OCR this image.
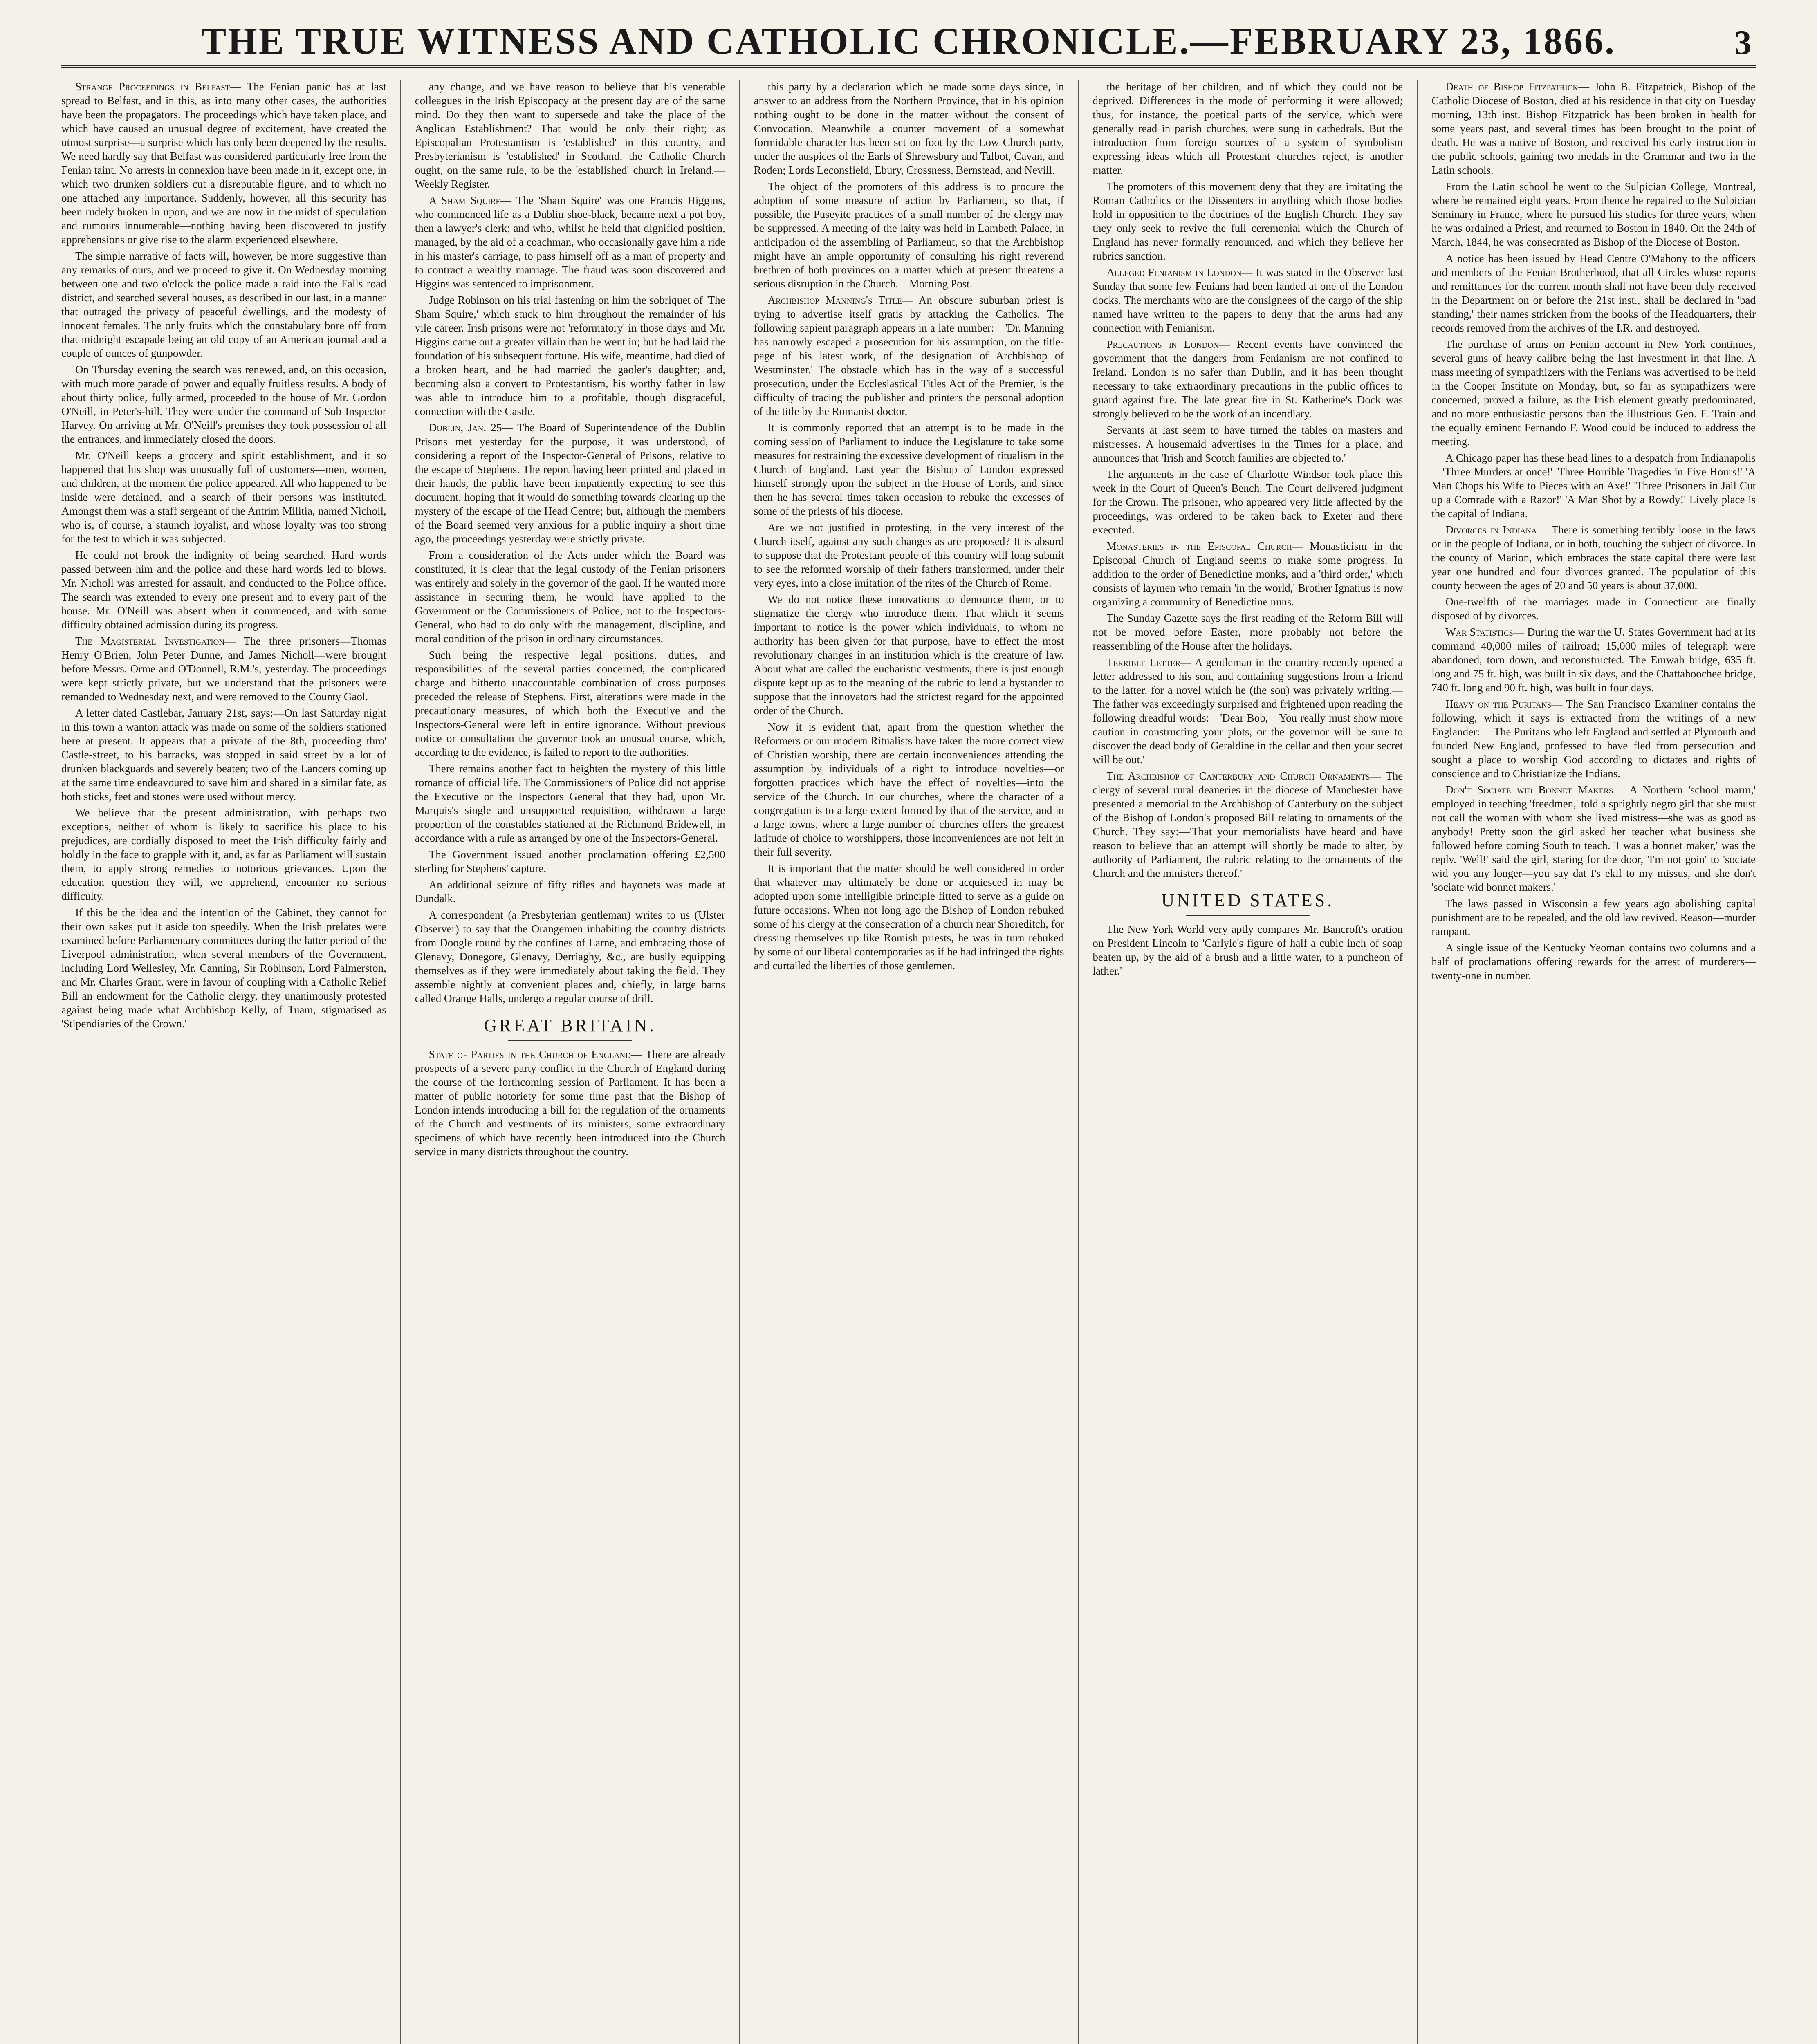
THE TRUE WITNESS AND CATHOLIC CHRONICLE.—FEBRUARY 23, 1866.	3

Strange Proceedings in Belfast— The Fenian panic has at last spread to Belfast, and in this, as into many other cases, the authorities have been the propagators. The proceedings which have taken place, and which have caused an unusual degree of excitement, have created the utmost surprise—a surprise which has only been deepened by the results. We need hardly say that Belfast was considered particularly free from the Fenian taint. No arrests in connexion have been made in it, except one, in which two drunken soldiers cut a disreputable figure, and to which no one attached any importance. Suddenly, however, all this security has been rudely broken in upon, and we are now in the midst of speculation and rumours innumerable—nothing having been discovered to justify apprehensions or give rise to the alarm experienced elsewhere.

The simple narrative of facts will, however, be more suggestive than any remarks of ours, and we proceed to give it. On Wednesday morning between one and two o'clock the police made a raid into the Falls road district, and searched several houses, as described in our last, in a manner that outraged the privacy of peaceful dwellings, and the modesty of innocent females. The only fruits which the constabulary bore off from that midnight escapade being an old copy of an American journal and a couple of ounces of gunpowder.

On Thursday evening the search was renewed, and, on this occasion, with much more parade of power and equally fruitless results. A body of about thirty police, fully armed, proceeded to the house of Mr. Gordon O'Neill, in Peter's-hill. They were under the command of Sub Inspector Harvey. On arriving at Mr. O'Neill's premises they took possession of all the entrances, and immediately closed the doors.

Mr. O'Neill keeps a grocery and spirit establishment, and it so happened that his shop was unusually full of customers—men, women, and children, at the moment the police appeared. All who happened to be inside were detained, and a search of their persons was instituted. Amongst them was a staff sergeant of the Antrim Militia, named Nicholl, who is, of course, a staunch loyalist, and whose loyalty was too strong for the test to which it was subjected.

He could not brook the indignity of being searched. Hard words passed between him and the police and these hard words led to blows. Mr. Nicholl was arrested for assault, and conducted to the Police office. The search was extended to every one present and to every part of the house. Mr. O'Neill was absent when it commenced, and with some difficulty obtained admission during its progress.

The Magisterial Investigation— The three prisoners—Thomas Henry O'Brien, John Peter Dunne, and James Nicholl—were brought before Messrs. Orme and O'Donnell, R.M.'s, yesterday. The proceedings were kept strictly private, but we understand that the prisoners were remanded to Wednesday next, and were removed to the County Gaol.

A letter dated Castlebar, January 21st, says:—On last Saturday night in this town a wanton attack was made on some of the soldiers stationed here at present. It appears that a private of the 8th, proceeding thro' Castle-street, to his barracks, was stopped in said street by a lot of drunken blackguards and severely beaten; two of the Lancers coming up at the same time endeavoured to save him and shared in a similar fate, as both sticks, feet and stones were used without mercy.

We believe that the present administration, with perhaps two exceptions, neither of whom is likely to sacrifice his place to his prejudices, are cordially disposed to meet the Irish difficulty fairly and boldly in the face to grapple with it, and, as far as Parliament will sustain them, to apply strong remedies to notorious grievances. Upon the education question they will, we apprehend, encounter no serious difficulty.

If this be the idea and the intention of the Cabinet, they cannot for their own sakes put it aside too speedily. When the Irish prelates were examined before Parliamentary committees during the latter period of the Liverpool administration, when several members of the Government, including Lord Wellesley, Mr. Canning, Sir Robinson, Lord Palmerston, and Mr. Charles Grant, were in favour of coupling with a Catholic Relief Bill an endowment for the Catholic clergy, they unanimously protested against being made what Archbishop Kelly, of Tuam, stigmatised as 'Stipendiaries of the Crown.'

any change, and we have reason to believe that his venerable colleagues in the Irish Episcopacy at the present day are of the same mind. Do they then want to supersede and take the place of the Anglican Establishment? That would be only their right; as Episcopalian Protestantism is 'established' in this country, and Presbyterianism is 'established' in Scotland, the Catholic Church ought, on the same rule, to be the 'established' church in Ireland.—Weekly Register.

A Sham Squire— The 'Sham Squire' was one Francis Higgins, who commenced life as a Dublin shoe-black, became next a pot boy, then a lawyer's clerk; and who, whilst he held that dignified position, managed, by the aid of a coachman, who occasionally gave him a ride in his master's carriage, to pass himself off as a man of property and to contract a wealthy marriage. The fraud was soon discovered and Higgins was sentenced to imprisonment.

Judge Robinson on his trial fastening on him the sobriquet of 'The Sham Squire,' which stuck to him throughout the remainder of his vile career. Irish prisons were not 'reformatory' in those days and Mr. Higgins came out a greater villain than he went in; but he had laid the foundation of his subsequent fortune. His wife, meantime, had died of a broken heart, and he had married the gaoler's daughter; and, becoming also a convert to Protestantism, his worthy father in law was able to introduce him to a profitable, though disgraceful, connection with the Castle.

Dublin, Jan. 25— The Board of Superintendence of the Dublin Prisons met yesterday for the purpose, it was understood, of considering a report of the Inspector-General of Prisons, relative to the escape of Stephens. The report having been printed and placed in their hands, the public have been impatiently expecting to see this document, hoping that it would do something towards clearing up the mystery of the escape of the Head Centre; but, although the members of the Board seemed very anxious for a public inquiry a short time ago, the proceedings yesterday were strictly private.

From a consideration of the Acts under which the Board was constituted, it is clear that the legal custody of the Fenian prisoners was entirely and solely in the governor of the gaol. If he wanted more assistance in securing them, he would have applied to the Government or the Commissioners of Police, not to the Inspectors-General, who had to do only with the management, discipline, and moral condition of the prison in ordinary circumstances.

Such being the respective legal positions, duties, and responsibilities of the several parties concerned, the complicated charge and hitherto unaccountable combination of cross purposes preceded the release of Stephens. First, alterations were made in the precautionary measures, of which both the Executive and the Inspectors-General were left in entire ignorance. Without previous notice or consultation the governor took an unusual course, which, according to the evidence, is failed to report to the authorities.

There remains another fact to heighten the mystery of this little romance of official life. The Commissioners of Police did not apprise the Executive or the Inspectors General that they had, upon Mr. Marquis's single and unsupported requisition, withdrawn a large proportion of the constables stationed at the Richmond Bridewell, in accordance with a rule as arranged by one of the Inspectors-General.

The Government issued another proclamation offering £2,500 sterling for Stephens' capture.

An additional seizure of fifty rifles and bayonets was made at Dundalk.

A correspondent (a Presbyterian gentleman) writes to us (Ulster Observer) to say that the Orangemen inhabiting the country districts from Doogle round by the confines of Larne, and embracing those of Glenavy, Donegore, Glenavy, Derriaghy, &c., are busily equipping themselves as if they were immediately about taking the field. They assemble nightly at convenient places and, chiefly, in large barns called Orange Halls, undergo a regular course of drill.

GREAT BRITAIN.

State of Parties in the Church of England— There are already prospects of a severe party conflict in the Church of England during the course of the forthcoming session of Parliament. It has been a matter of public notoriety for some time past that the Bishop of London intends introducing a bill for the regulation of the ornaments of the Church and vestments of its ministers, some extraordinary specimens of which have recently been introduced into the Church service in many districts throughout the country.

this party by a declaration which he made some days since, in answer to an address from the Northern Province, that in his opinion nothing ought to be done in the matter without the consent of Convocation. Meanwhile a counter movement of a somewhat formidable character has been set on foot by the Low Church party, under the auspices of the Earls of Shrewsbury and Talbot, Cavan, and Roden; Lords Leconsfield, Ebury, Crossness, Bernstead, and Nevill.

The object of the promoters of this address is to procure the adoption of some measure of action by Parliament, so that, if possible, the Puseyite practices of a small number of the clergy may be suppressed. A meeting of the laity was held in Lambeth Palace, in anticipation of the assembling of Parliament, so that the Archbishop might have an ample opportunity of consulting his right reverend brethren of both provinces on a matter which at present threatens a serious disruption in the Church.—Morning Post.

Archbishop Manning's Title— An obscure suburban priest is trying to advertise itself gratis by attacking the Catholics. The following sapient paragraph appears in a late number:—'Dr. Manning has narrowly escaped a prosecution for his assumption, on the title-page of his latest work, of the designation of Archbishop of Westminster.' The obstacle which has in the way of a successful prosecution, under the Ecclesiastical Titles Act of the Premier, is the difficulty of tracing the publisher and printers the personal adoption of the title by the Romanist doctor.

It is commonly reported that an attempt is to be made in the coming session of Parliament to induce the Legislature to take some measures for restraining the excessive development of ritualism in the Church of England. Last year the Bishop of London expressed himself strongly upon the subject in the House of Lords, and since then he has several times taken occasion to rebuke the excesses of some of the priests of his diocese.

Are we not justified in protesting, in the very interest of the Church itself, against any such changes as are proposed? It is absurd to suppose that the Protestant people of this country will long submit to see the reformed worship of their fathers transformed, under their very eyes, into a close imitation of the rites of the Church of Rome.

We do not notice these innovations to denounce them, or to stigmatize the clergy who introduce them. That which it seems important to notice is the power which individuals, to whom no authority has been given for that purpose, have to effect the most revolutionary changes in an institution which is the creature of law. About what are called the eucharistic vestments, there is just enough dispute kept up as to the meaning of the rubric to lend a bystander to suppose that the innovators had the strictest regard for the appointed order of the Church.

Now it is evident that, apart from the question whether the Reformers or our modern Ritualists have taken the more correct view of Christian worship, there are certain inconveniences attending the assumption by individuals of a right to introduce novelties—or forgotten practices which have the effect of novelties—into the service of the Church. In our churches, where the character of a congregation is to a large extent formed by that of the service, and in a large towns, where a large number of churches offers the greatest latitude of choice to worshippers, those inconveniences are not felt in their full severity.

It is important that the matter should be well considered in order that whatever may ultimately be done or acquiesced in may be adopted upon some intelligible principle fitted to serve as a guide on future occasions. When not long ago the Bishop of London rebuked some of his clergy at the consecration of a church near Shoreditch, for dressing themselves up like Romish priests, he was in turn rebuked by some of our liberal contemporaries as if he had infringed the rights and curtailed the liberties of those gentlemen.

the heritage of her children, and of which they could not be deprived. Differences in the mode of performing it were allowed; thus, for instance, the poetical parts of the service, which were generally read in parish churches, were sung in cathedrals. But the introduction from foreign sources of a system of symbolism expressing ideas which all Protestant churches reject, is another matter.

The promoters of this movement deny that they are imitating the Roman Catholics or the Dissenters in anything which those bodies hold in opposition to the doctrines of the English Church. They say they only seek to revive the full ceremonial which the Church of England has never formally renounced, and which they believe her rubrics sanction.

Alleged Fenianism in London— It was stated in the Observer last Sunday that some few Fenians had been landed at one of the London docks. The merchants who are the consignees of the cargo of the ship named have written to the papers to deny that the arms had any connection with Fenianism.

Precautions in London— Recent events have convinced the government that the dangers from Fenianism are not confined to Ireland. London is no safer than Dublin, and it has been thought necessary to take extraordinary precautions in the public offices to guard against fire. The late great fire in St. Katherine's Dock was strongly believed to be the work of an incendiary.

Servants at last seem to have turned the tables on masters and mistresses. A housemaid advertises in the Times for a place, and announces that 'Irish and Scotch families are objected to.'

The arguments in the case of Charlotte Windsor took place this week in the Court of Queen's Bench. The Court delivered judgment for the Crown. The prisoner, who appeared very little affected by the proceedings, was ordered to be taken back to Exeter and there executed.

Monasteries in the Episcopal Church— Monasticism in the Episcopal Church of England seems to make some progress. In addition to the order of Benedictine monks, and a 'third order,' which consists of laymen who remain 'in the world,' Brother Ignatius is now organizing a community of Benedictine nuns.

The Sunday Gazette says the first reading of the Reform Bill will not be moved before Easter, more probably not before the reassembling of the House after the holidays.

Terrible Letter— A gentleman in the country recently opened a letter addressed to his son, and containing suggestions from a friend to the latter, for a novel which he (the son) was privately writing.— The father was exceedingly surprised and frightened upon reading the following dreadful words:—'Dear Bob,—You really must show more caution in constructing your plots, or the governor will be sure to discover the dead body of Geraldine in the cellar and then your secret will be out.'

The Archbishop of Canterbury and Church Ornaments— The clergy of several rural deaneries in the diocese of Manchester have presented a memorial to the Archbishop of Canterbury on the subject of the Bishop of London's proposed Bill relating to ornaments of the Church. They say:—'That your memorialists have heard and have reason to believe that an attempt will shortly be made to alter, by authority of Parliament, the rubric relating to the ornaments of the Church and the ministers thereof.'

UNITED STATES.

The New York World very aptly compares Mr. Bancroft's oration on President Lincoln to 'Carlyle's figure of half a cubic inch of soap beaten up, by the aid of a brush and a little water, to a puncheon of lather.'

Death of Bishop Fitzpatrick— John B. Fitzpatrick, Bishop of the Catholic Diocese of Boston, died at his residence in that city on Tuesday morning, 13th inst. Bishop Fitzpatrick has been broken in health for some years past, and several times has been brought to the point of death. He was a native of Boston, and received his early instruction in the public schools, gaining two medals in the Grammar and two in the Latin schools.

From the Latin school he went to the Sulpician College, Montreal, where he remained eight years. From thence he repaired to the Sulpician Seminary in France, where he pursued his studies for three years, when he was ordained a Priest, and returned to Boston in 1840. On the 24th of March, 1844, he was consecrated as Bishop of the Diocese of Boston.

A notice has been issued by Head Centre O'Mahony to the officers and members of the Fenian Brotherhood, that all Circles whose reports and remittances for the current month shall not have been duly received in the Department on or before the 21st inst., shall be declared in 'bad standing,' their names stricken from the books of the Headquarters, their records removed from the archives of the I.R. and destroyed.

The purchase of arms on Fenian account in New York continues, several guns of heavy calibre being the last investment in that line. A mass meeting of sympathizers with the Fenians was advertised to be held in the Cooper Institute on Monday, but, so far as sympathizers were concerned, proved a failure, as the Irish element greatly predominated, and no more enthusiastic persons than the illustrious Geo. F. Train and the equally eminent Fernando F. Wood could be induced to address the meeting.

A Chicago paper has these head lines to a despatch from Indianapolis—'Three Murders at once!' 'Three Horrible Tragedies in Five Hours!' 'A Man Chops his Wife to Pieces with an Axe!' 'Three Prisoners in Jail Cut up a Comrade with a Razor!' 'A Man Shot by a Rowdy!' Lively place is the capital of Indiana.

Divorces in Indiana— There is something terribly loose in the laws or in the people of Indiana, or in both, touching the subject of divorce. In the county of Marion, which embraces the state capital there were last year one hundred and four divorces granted. The population of this county between the ages of 20 and 50 years is about 37,000.

One-twelfth of the marriages made in Connecticut are finally disposed of by divorces.

War Statistics— During the war the U. States Government had at its command 40,000 miles of railroad; 15,000 miles of telegraph were abandoned, torn down, and reconstructed. The Emwah bridge, 635 ft. long and 75 ft. high, was built in six days, and the Chattahoochee bridge, 740 ft. long and 90 ft. high, was built in four days.

Heavy on the Puritans— The San Francisco Examiner contains the following, which it says is extracted from the writings of a new Englander:— The Puritans who left England and settled at Plymouth and founded New England, professed to have fled from persecution and sought a place to worship God according to dictates and rights of conscience and to Christianize the Indians.

Don't Sociate wid Bonnet Makers— A Northern 'school marm,' employed in teaching 'freedmen,' told a sprightly negro girl that she must not call the woman with whom she lived mistress—she was as good as anybody! Pretty soon the girl asked her teacher what business she followed before coming South to teach. 'I was a bonnet maker,' was the reply. 'Well!' said the girl, staring for the door, 'I'm not goin' to 'sociate wid you any longer—you say dat I's ekil to my missus, and she don't 'sociate wid bonnet makers.'

The laws passed in Wisconsin a few years ago abolishing capital punishment are to be repealed, and the old law revived. Reason—murder rampant.

A single issue of the Kentucky Yeoman contains two columns and a half of proclamations offering rewards for the arrest of murderers—twenty-one in number.
